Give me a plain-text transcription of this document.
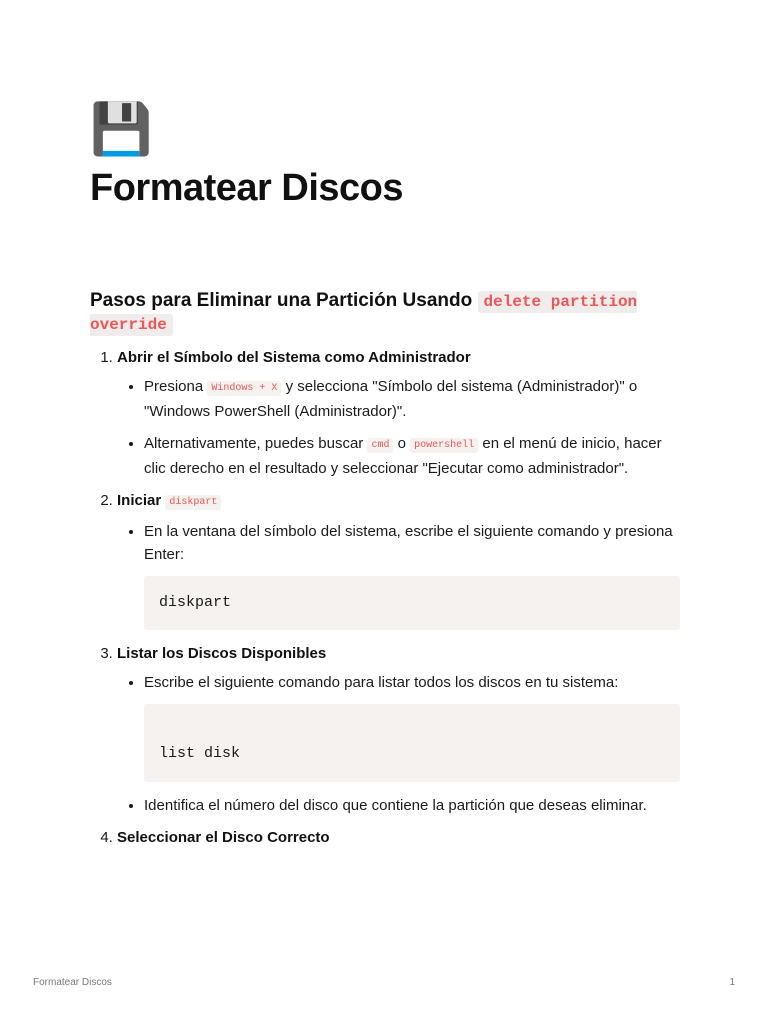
💾
Formatear Discos
Pasos para Eliminar una Partición Usando delete partition override
1. Abrir el Símbolo del Sistema como Administrador
• Presiona Windows + X y selecciona "Símbolo del sistema (Administrador)" o "Windows PowerShell (Administrador)".
• Alternativamente, puedes buscar cmd o powershell en el menú de inicio, hacer clic derecho en el resultado y seleccionar "Ejecutar como administrador".
2. Iniciar diskpart
• En la ventana del símbolo del sistema, escribe el siguiente comando y presiona Enter:
diskpart
3. Listar los Discos Disponibles
• Escribe el siguiente comando para listar todos los discos en tu sistema:
list disk
• Identifica el número del disco que contiene la partición que deseas eliminar.
4. Seleccionar el Disco Correcto
Formatear Discos	1
